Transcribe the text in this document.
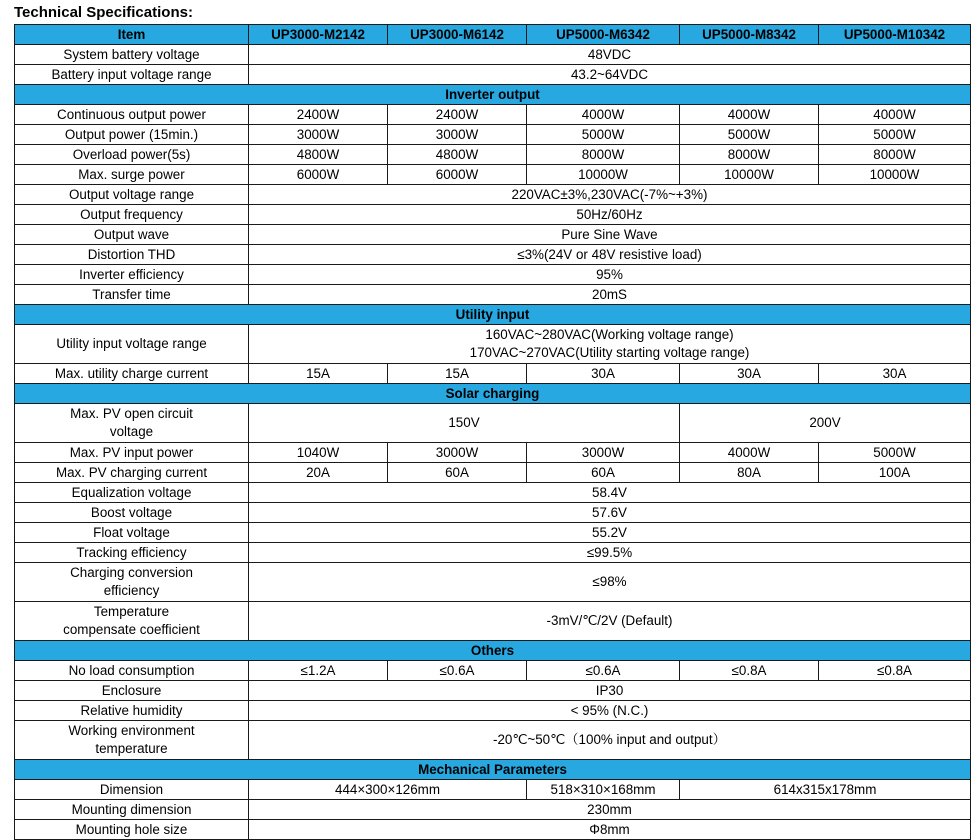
Technical Specifications:
Item	UP3000-M2142	UP3000-M6142	UP5000-M6342	UP5000-M8342	UP5000-M10342
System battery voltage	48VDC				
Battery input voltage range	43.2~64VDC				
Inverter output					
Continuous output power	2400W	2400W	4000W	4000W	4000W
Output power (15min.)	3000W	3000W	5000W	5000W	5000W
Overload power(5s)	4800W	4800W	8000W	8000W	8000W
Max. surge power	6000W	6000W	10000W	10000W	10000W
Output voltage range	220VAC±3%,230VAC(-7%~+3%)				
Output frequency	50Hz/60Hz				
Output wave	Pure Sine Wave				
Distortion THD	≤3%(24V or 48V resistive load)				
Inverter efficiency	95%				
Transfer time	20mS				
Utility input					
Utility input voltage range	160VAC~280VAC(Working voltage range)
170VAC~270VAC(Utility starting voltage range)				

Max. utility charge current	15A	15A	30A	30A	30A
Solar charging					

Max. PV open circuit
voltage	150V			200V	
Max. PV input power	1040W	3000W	3000W	4000W	5000W
Max. PV charging current	20A	60A	60A	80A	100A
Equalization voltage	58.4V				
Boost voltage	57.6V				
Float voltage	55.2V				
Tracking efficiency	≤99.5%				

Charging conversion
efficiency	≤98%				

Temperature
compensate coefficient	-3mV/℃/2V (Default)				
Others					
No load consumption	≤1.2A	≤0.6A	≤0.6A	≤0.8A	≤0.8A
Enclosure	IP30				
Relative humidity	< 95% (N.C.)				

Working environment
temperature	-20℃~50℃（100% input and output）				
Mechanical Parameters					
Dimension	444×300×126mm		518×310×168mm	614x315x178mm	
Mounting dimension	230mm				
Mounting hole size	Φ8mm				
